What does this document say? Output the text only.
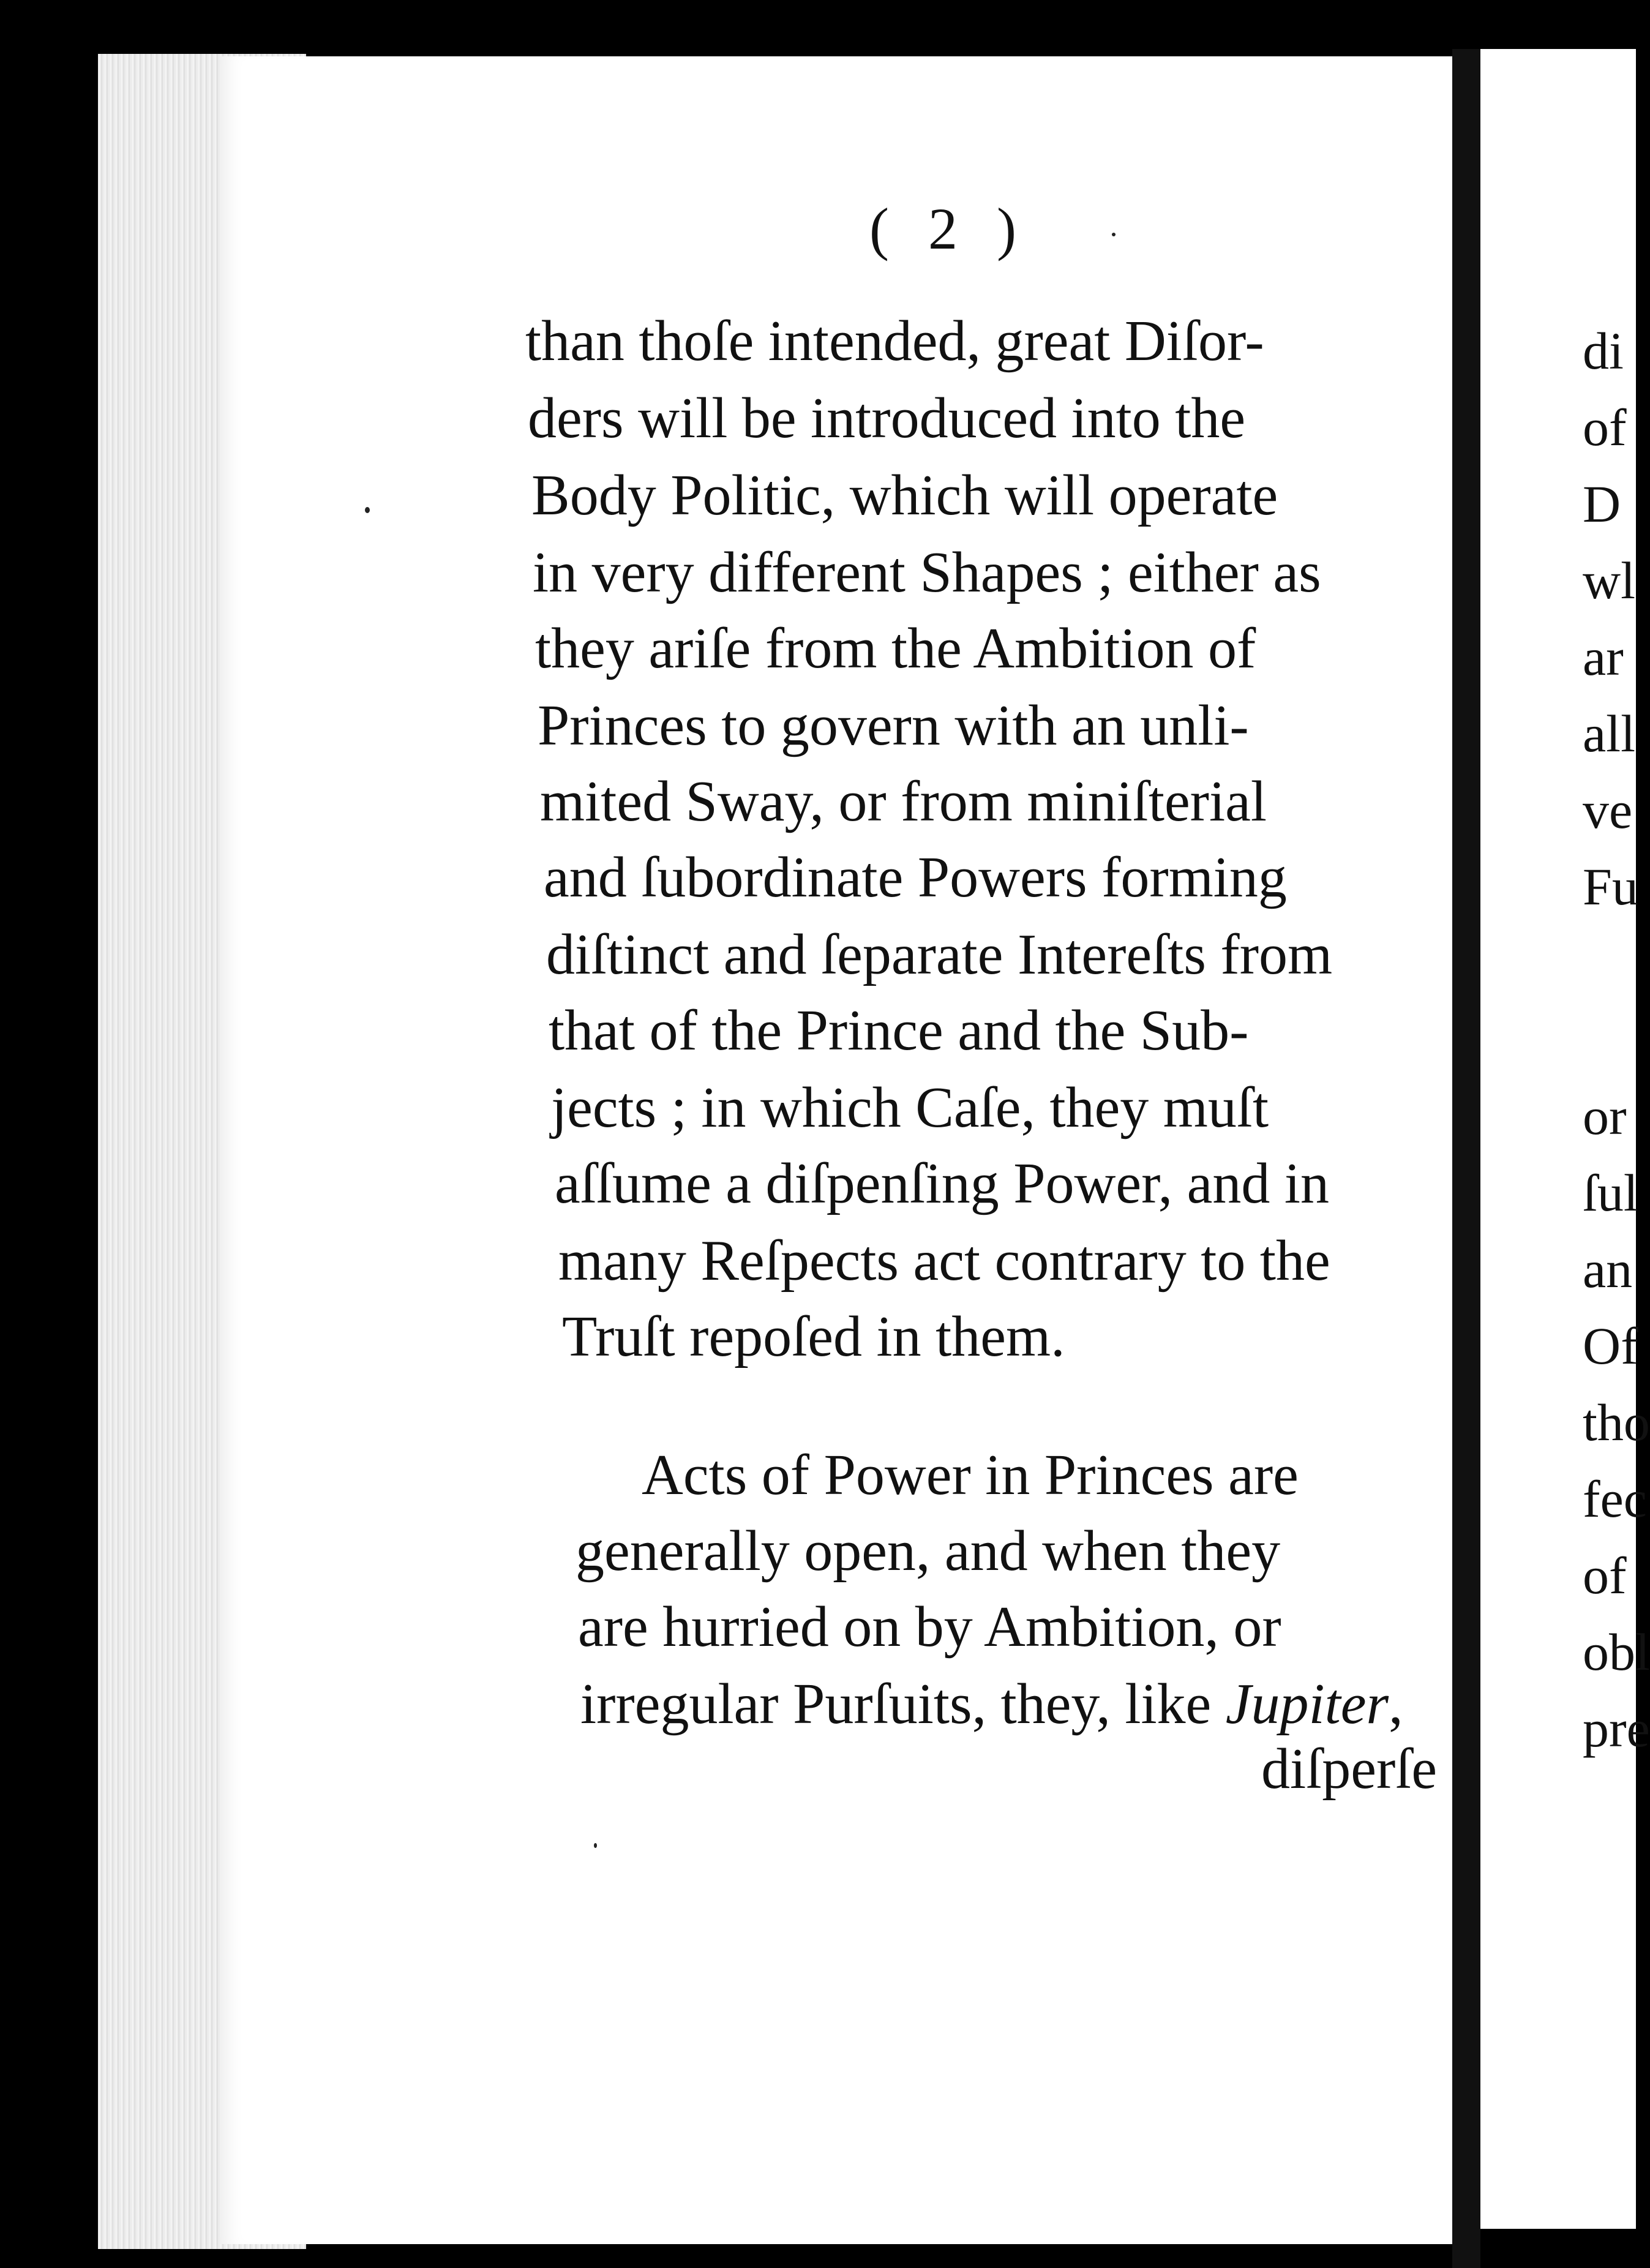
( 2 )
than thoſe intended, great Diſor-
ders will be introduced into the
Body Politic, which will operate
in very different Shapes ; either as
they ariſe from the Ambition of
Princes to govern with an unli-
mited Sway, or from miniſterial
and ſubordinate Powers forming
diſtinct and ſeparate Intereſts from
that of the Prince and the Sub-
jects ; in which Caſe, they muſt
aſſume a diſpenſing Power, and in
many Reſpects act contrary to the
Truſt repoſed in them.
Acts of Power in Princes are
generally open, and when they
are hurried on by Ambition, or
irregular Purſuits, they, like Jupiter,
diſperſe
di
of
D
wl
ar
all
ve
Fu
or
ſul
an
Of
tho
fec
of
obl
pre
